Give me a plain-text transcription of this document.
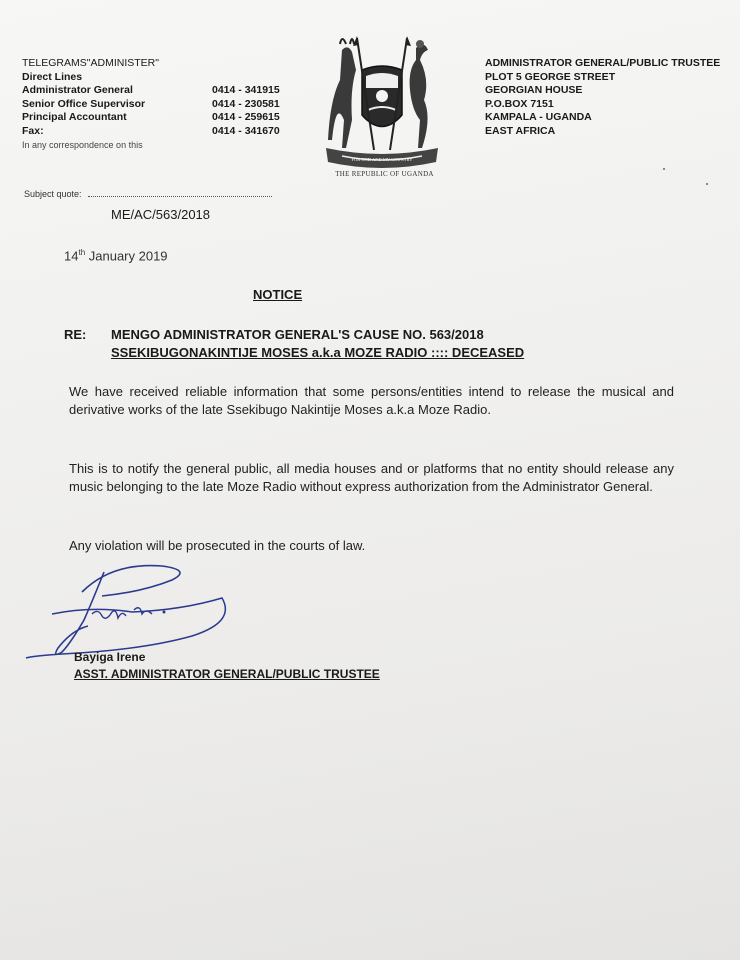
TELEGRAMS"ADMINISTER"
Direct Lines
Administrator General	0414 - 341915
Senior Office Supervisor	0414 - 230581
Principal Accountant	0414 - 259615
Fax:	0414 - 341670
In any correspondence on this
FOR GOD AND MY COUNTRY
THE REPUBLIC OF UGANDA
ADMINISTRATOR GENERAL/PUBLIC TRUSTEE
PLOT 5 GEORGE STREET
GEORGIAN HOUSE
P.O.BOX 7151
KAMPALA - UGANDA
EAST AFRICA
Subject quote:
ME/AC/563/2018
14th January 2019
NOTICE
RE: MENGO ADMINISTRATOR GENERAL'S CAUSE NO. 563/2018
SSEKIBUGONAKINTIJE MOSES a.k.a MOZE RADIO :::: DECEASED
We have received reliable information that some persons/entities intend to release the musical and derivative works of the late Ssekibugo Nakintije Moses a.k.a Moze Radio.
This is to notify the general public, all media houses and or platforms that no entity should release any music belonging to the late Moze Radio without express authorization from the Administrator General.
Any violation will be prosecuted in the courts of law.
Bayiga Irene
ASST. ADMINISTRATOR GENERAL/PUBLIC TRUSTEE
